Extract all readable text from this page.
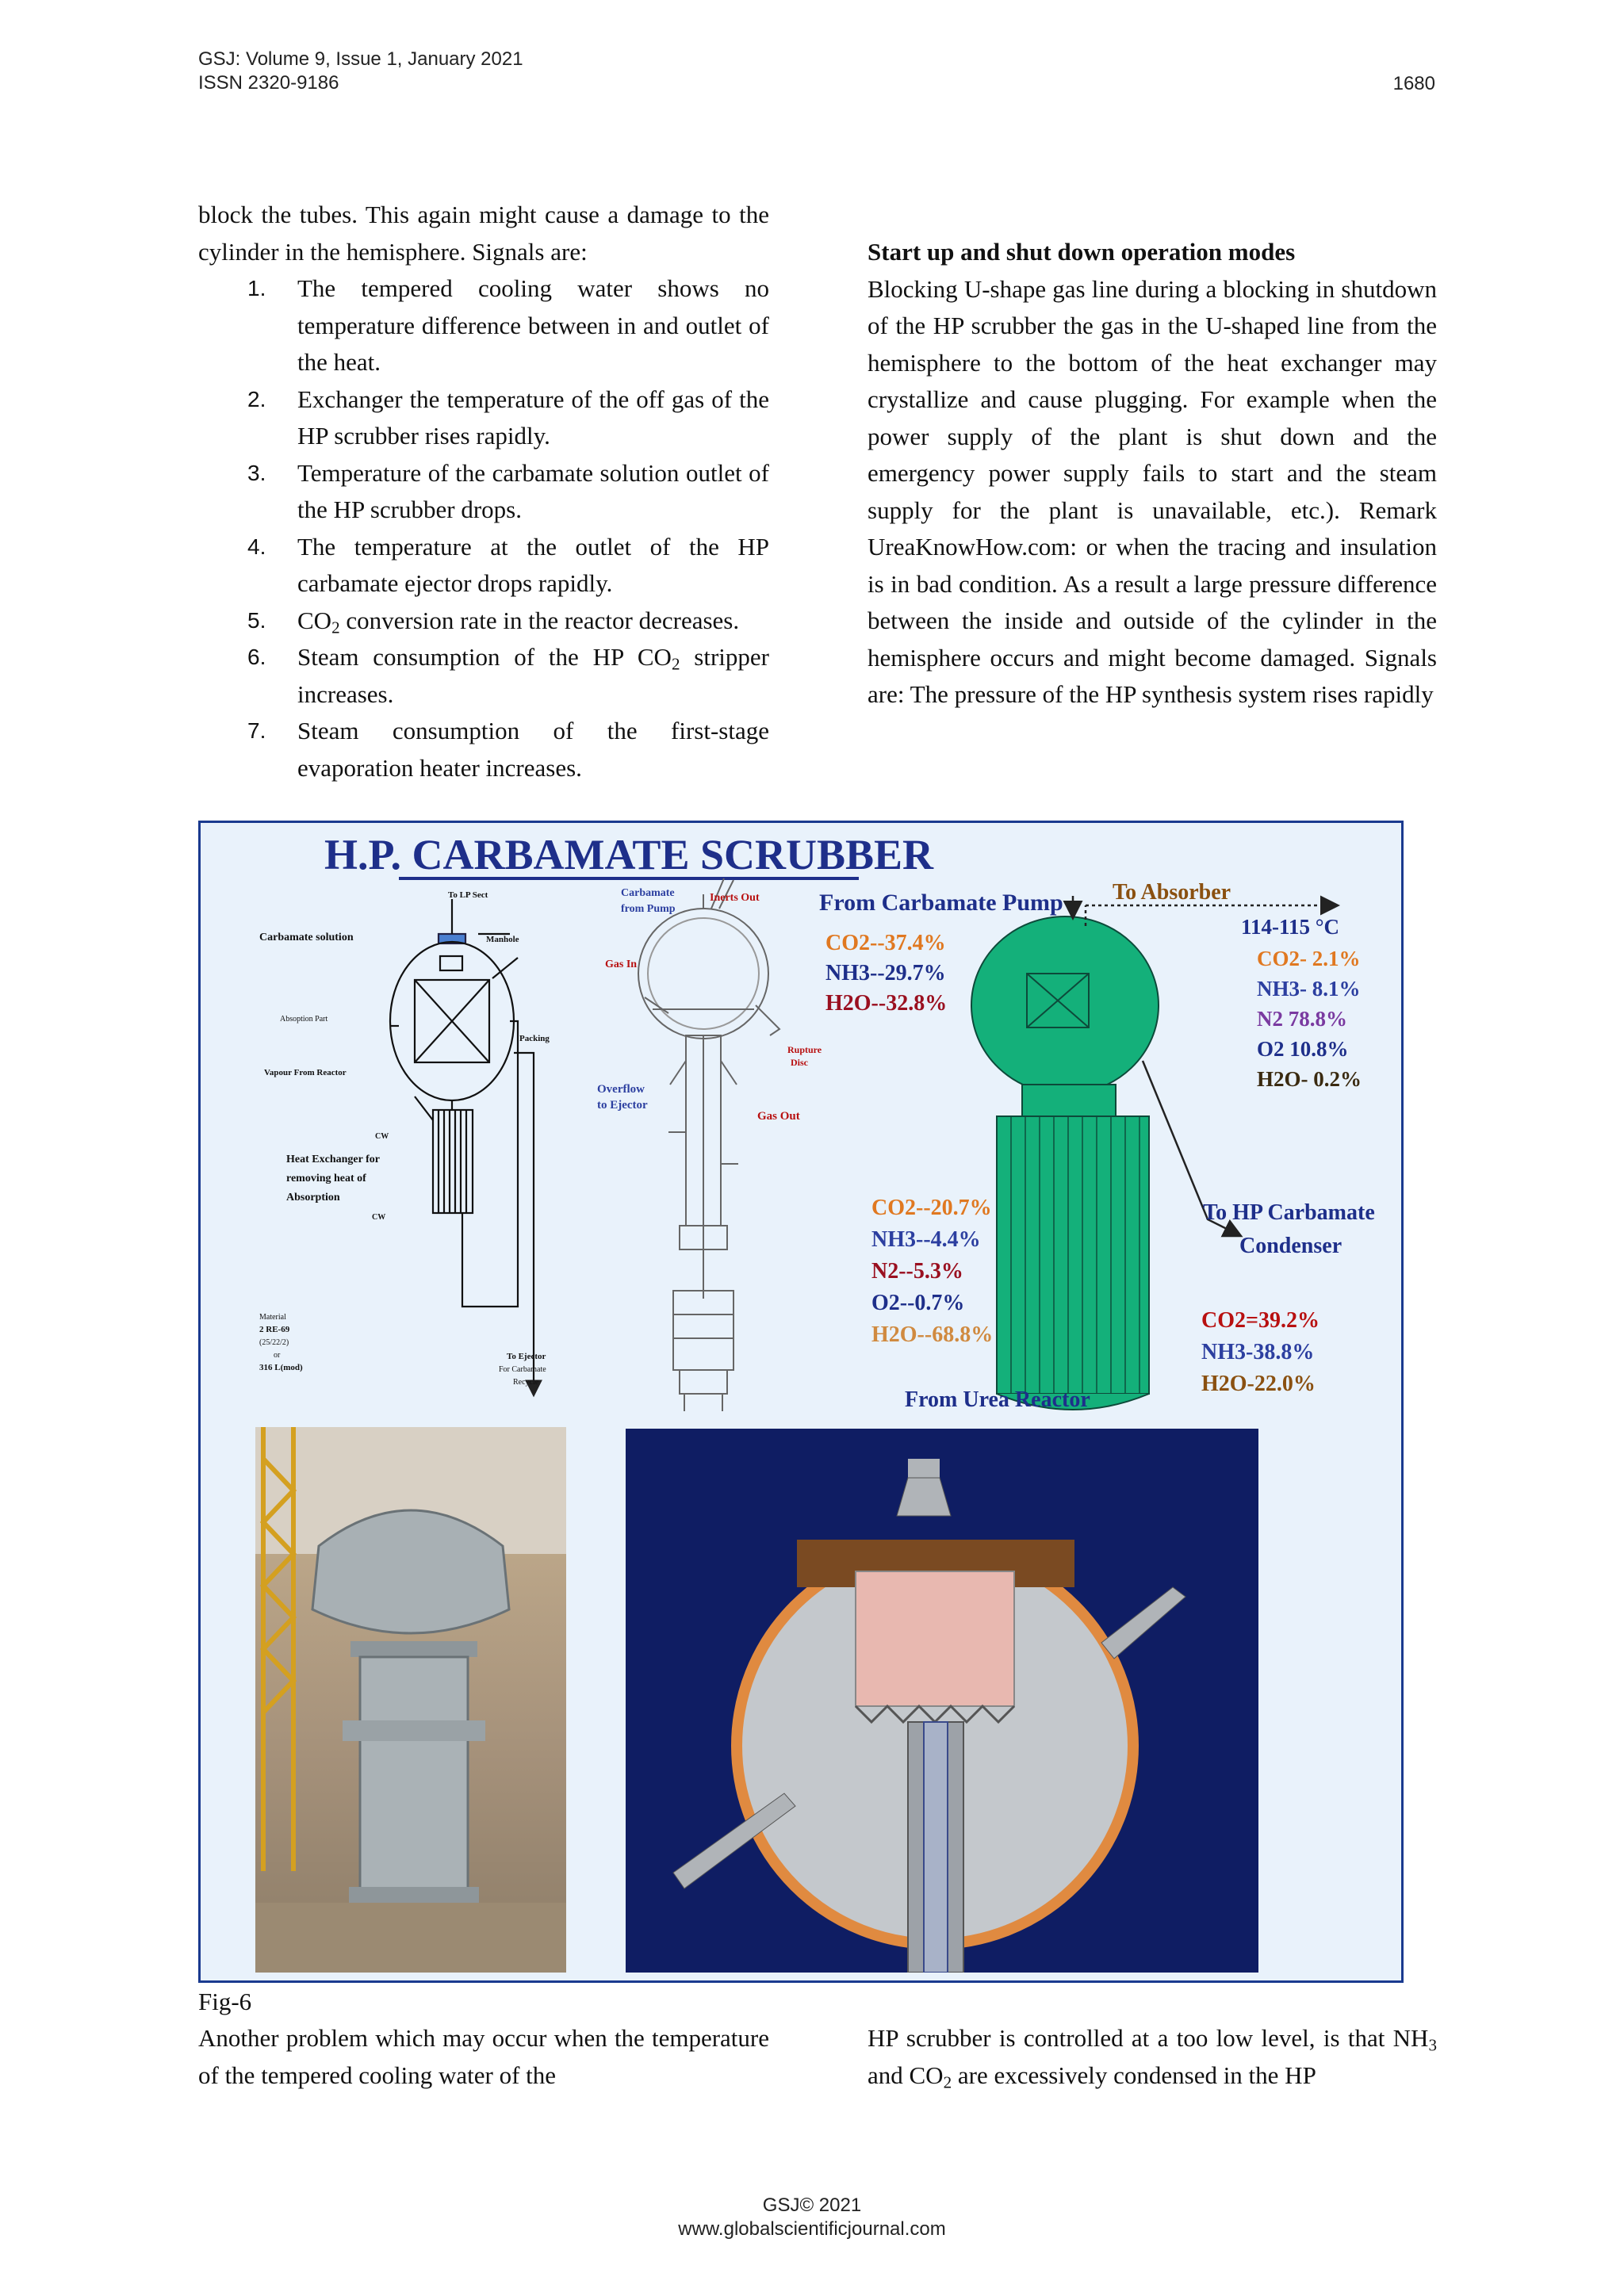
GSJ: Volume 9, Issue 1, January 2021
ISSN 2320-9186	1680

block the tubes. This again might cause a damage to the cylinder in the hemisphere. Signals are:

1. The tempered cooling water shows no temperature difference between in and outlet of the heat.
2. Exchanger the temperature of the off gas of the HP scrubber rises rapidly.
3. Temperature of the carbamate solution outlet of the HP scrubber drops.
4. The temperature at the outlet of the HP carbamate ejector drops rapidly.
5. $CO_2$ conversion rate in the reactor decreases.
6. Steam consumption of the HP $CO_2$ stripper increases.
7. Steam consumption of the first-stage evaporation heater increases.

Start up and shut down operation modes

Blocking U-shape gas line during a blocking in shutdown of the HP scrubber the gas in the U-shaped line from the hemisphere to the bottom of the heat exchanger may crystallize and cause plugging. For example when the power supply of the plant is shut down and the emergency power supply fails to start and the steam supply for the plant is unavailable, etc.). Remark UreaKnowHow.com: or when the tracing and insulation is in bad condition. As a result a large pressure difference between the inside and outside of the cylinder in the hemisphere occurs and might become damaged. Signals are: The pressure of the HP synthesis system rises rapidly

H.P. CARBAMATE SCRUBBER
To LP Sect
Carbamate solution	Manhole
Absoption Part
Packing
Vapour From Reactor
CW
CW
Heat Exchanger for
removing heat of
Absorption
Material
2 RE-69
(25/22/2)
or
316 L(mod)
To Ejector
For Carbamate
Recycle
Carbamate
from Pump
Inerts Out
Gas In
Rupture
Disc
Overflow
to Ejector
Gas Out
From Carbamate Pump To Absorber
To HP Carbamate
Condenser
From Urea Reactor
CO2--37.4%
NH3--29.7%
H2O--32.8%
114-115 °C
CO2- 2.1%
NH3- 8.1%
N2 78.8%
O2 10.8%
H2O- 0.2%
CO2--20.7%
NH3--4.4%
N2--5.3%
O2--0.7%
H2O--68.8%
CO2=39.2%
NH3-38.8%
H2O-22.0%
Fig-6
Another problem which may occur when the temperature of the tempered cooling water of the
HP scrubber is controlled at a too low level, is that $NH_3$ and $CO_2$ are excessively condensed in the HP
GSJ© 2021
www.globalscientificjournal.com
